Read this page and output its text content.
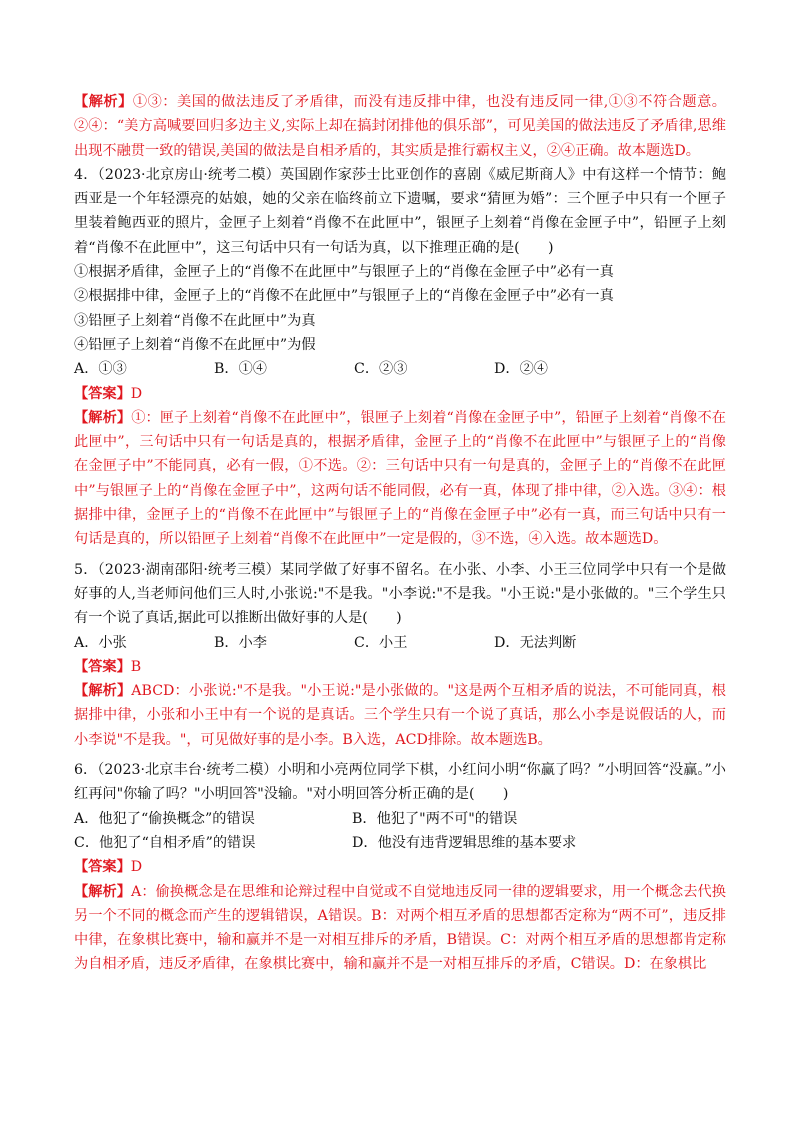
【解析】①③：美国的做法违反了矛盾律，而没有违反排中律，也没有违反同一律,①③不符合题意。②④：“美方高喊要回归多边主义,实际上却在搞封闭排他的俱乐部”，可见美国的做法违反了矛盾律,思维出现不融贯一致的错误,美国的做法是自相矛盾的，其实质是推行霸权主义，②④正确。故本题选D。

4．（2023·北京房山·统考二模）英国剧作家莎士比亚创作的喜剧《威尼斯商人》中有这样一个情节：鲍西亚是一个年轻漂亮的姑娘，她的父亲在临终前立下遗嘱，要求“猜匣为婚”：三个匣子中只有一个匣子里装着鲍西亚的照片，金匣子上刻着“肖像不在此匣中”，银匣子上刻着“肖像在金匣子中”，铅匣子上刻着“肖像不在此匣中”，这三句话中只有一句话为真，以下推理正确的是(　　)

①根据矛盾律，金匣子上的“肖像不在此匣中”与银匣子上的“肖像在金匣子中”必有一真

②根据排中律，金匣子上的“肖像不在此匣中”与银匣子上的“肖像在金匣子中”必有一真

③铅匣子上刻着“肖像不在此匣中”为真

④铅匣子上刻着“肖像不在此匣中”为假

A．①③	B．①④	C．②③	D．②④

【答案】D

【解析】①：匣子上刻着“肖像不在此匣中”，银匣子上刻着“肖像在金匣子中”，铅匣子上刻着“肖像不在此匣中”，三句话中只有一句话是真的，根据矛盾律，金匣子上的“肖像不在此匣中”与银匣子上的“肖像在金匣子中”不能同真，必有一假，①不选。②：三句话中只有一句是真的，金匣子上的“肖像不在此匣中”与银匣子上的“肖像在金匣子中”，这两句话不能同假，必有一真，体现了排中律，②入选。③④：根据排中律，金匣子上的“肖像不在此匣中”与银匣子上的“肖像在金匣子中”必有一真，而三句话中只有一句话是真的，所以铅匣子上刻着“肖像不在此匣中”一定是假的，③不选，④入选。故本题选D。

5．（2023·湖南邵阳·统考三模）某同学做了好事不留名。在小张、小李、小王三位同学中只有一个是做好事的人,当老师问他们三人时,小张说:"不是我。"小李说:"不是我。"小王说:"是小张做的。"三个学生只有一个说了真话,据此可以推断出做好事的人是(　　)

A．小张	B．小李	C．小王	D．无法判断

【答案】B

【解析】ABCD：小张说:"不是我。"小王说:"是小张做的。"这是两个互相矛盾的说法，不可能同真，根据排中律，小张和小王中有一个说的是真话。三个学生只有一个说了真话，那么小李是说假话的人，而小李说"不是我。"，可见做好事的是小李。B入选，ACD排除。故本题选B。

6．（2023·北京丰台·统考二模）小明和小亮两位同学下棋，小红问小明“你赢了吗？”小明回答“没赢。”小红再问"你输了吗？"小明回答"没输。"对小明回答分析正确的是(　　)

A．他犯了“偷换概念”的错误	B．他犯了"两不可"的错误
C．他犯了“自相矛盾”的错误	D．他没有违背逻辑思维的基本要求

【答案】D

【解析】A：偷换概念是在思维和论辩过程中自觉或不自觉地违反同一律的逻辑要求，用一个概念去代换另一个不同的概念而产生的逻辑错误，A错误。B：对两个相互矛盾的思想都否定称为“两不可”，违反排中律，在象棋比赛中，输和赢并不是一对相互排斥的矛盾，B错误。C：对两个相互矛盾的思想都肯定称为自相矛盾，违反矛盾律，在象棋比赛中，输和赢并不是一对相互排斥的矛盾，C错误。D：在象棋比
